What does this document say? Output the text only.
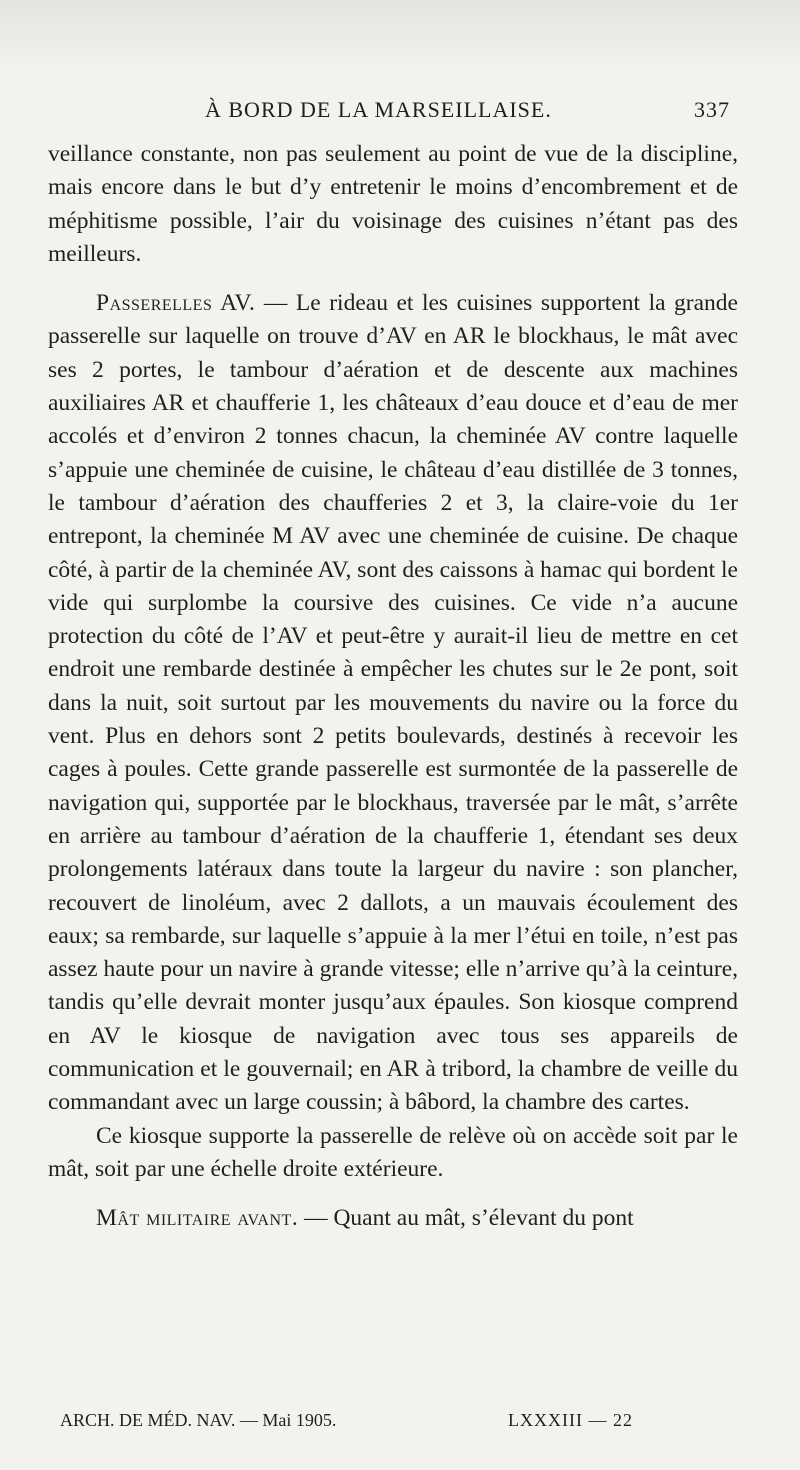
À BORD DE LA MARSEILLAISE.	337

veillance constante, non pas seulement au point de vue de la discipline, mais encore dans le but d’y entretenir le moins d’encombrement et de méphitisme possible, l’air du voisinage des cuisines n’étant pas des meilleurs.

Passerelles AV. — Le rideau et les cuisines supportent la grande passerelle sur laquelle on trouve d’AV en AR le blockhaus, le mât avec ses 2 portes, le tambour d’aération et de descente aux machines auxiliaires AR et chaufferie 1, les châteaux d’eau douce et d’eau de mer accolés et d’environ 2 tonnes chacun, la cheminée AV contre laquelle s’appuie une cheminée de cuisine, le château d’eau distillée de 3 tonnes, le tambour d’aération des chaufferies 2 et 3, la claire-voie du 1er entrepont, la cheminée M AV avec une cheminée de cuisine. De chaque côté, à partir de la cheminée AV, sont des caissons à hamac qui bordent le vide qui surplombe la coursive des cuisines. Ce vide n’a aucune protection du côté de l’AV et peut-être y aurait-il lieu de mettre en cet endroit une rembarde destinée à empêcher les chutes sur le 2e pont, soit dans la nuit, soit surtout par les mouvements du navire ou la force du vent. Plus en dehors sont 2 petits boulevards, destinés à recevoir les cages à poules. Cette grande passerelle est surmontée de la passerelle de navigation qui, supportée par le blockhaus, traversée par le mât, s’arrête en arrière au tambour d’aération de la chaufferie 1, étendant ses deux prolongements latéraux dans toute la largeur du navire : son plancher, recouvert de linoléum, avec 2 dallots, a un mauvais écoulement des eaux; sa rembarde, sur laquelle s’appuie à la mer l’étui en toile, n’est pas assez haute pour un navire à grande vitesse; elle n’arrive qu’à la ceinture, tandis qu’elle devrait monter jusqu’aux épaules. Son kiosque comprend en AV le kiosque de navigation avec tous ses appareils de communication et le gouvernail; en AR à tribord, la chambre de veille du commandant avec un large coussin; à bâbord, la chambre des cartes.

Ce kiosque supporte la passerelle de relève où on accède soit par le mât, soit par une échelle droite extérieure.

Mât militaire avant. — Quant au mât, s’élevant du pont

ARCH. DE MÉD. NAV. — Mai 1905.	LXXXIII — 22
